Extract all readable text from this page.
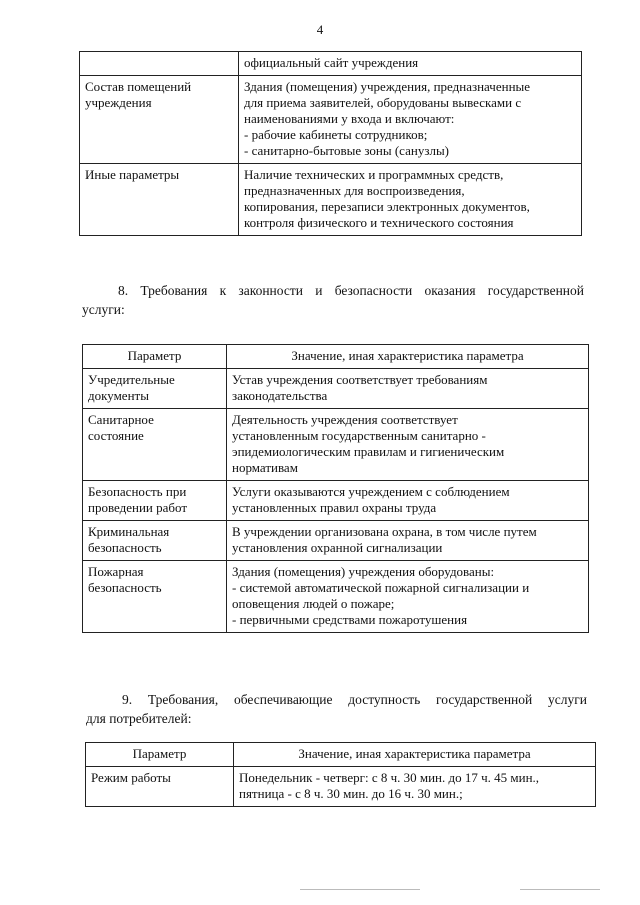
4

	официальный сайт учреждения

Состав помещений
учреждения	Здания (помещения) учреждения, предназначенные
для приема заявителей, оборудованы вывесками с
наименованиями у входа и включают:
- рабочие кабинеты сотрудников;
- санитарно-бытовые зоны (санузлы)

Иные параметры	Наличие технических и программных средств,
предназначенных для воспроизведения,
копирования, перезаписи электронных документов,
контроля физического и технического состояния
8. Требования к законности и безопасности оказания государственной
услуги:
Параметр	Значение, иная характеристика параметра

Учредительные
документы	Устав учреждения соответствует требованиям
законодательства

Санитарное
состояние	Деятельность учреждения соответствует
установленным государственным санитарно -
эпидемиологическим правилам и гигиеническим
нормативам

Безопасность при
проведении работ	Услуги оказываются учреждением с соблюдением
установленных правил охраны труда

Криминальная
безопасность	В учреждении организована охрана, в том числе путем
установления охранной сигнализации

Пожарная
безопасность	Здания (помещения) учреждения оборудованы:
- системой автоматической пожарной сигнализации и
оповещения людей о пожаре;
- первичными средствами пожаротушения
9. Требования, обеспечивающие доступность государственной услуги
для потребителей:
Параметр	Значение, иная характеристика параметра

Режим работы	Понедельник - четверг: с 8 ч. 30 мин. до 17 ч. 45 мин.,
пятница - с 8 ч. 30 мин. до 16 ч. 30 мин.;
